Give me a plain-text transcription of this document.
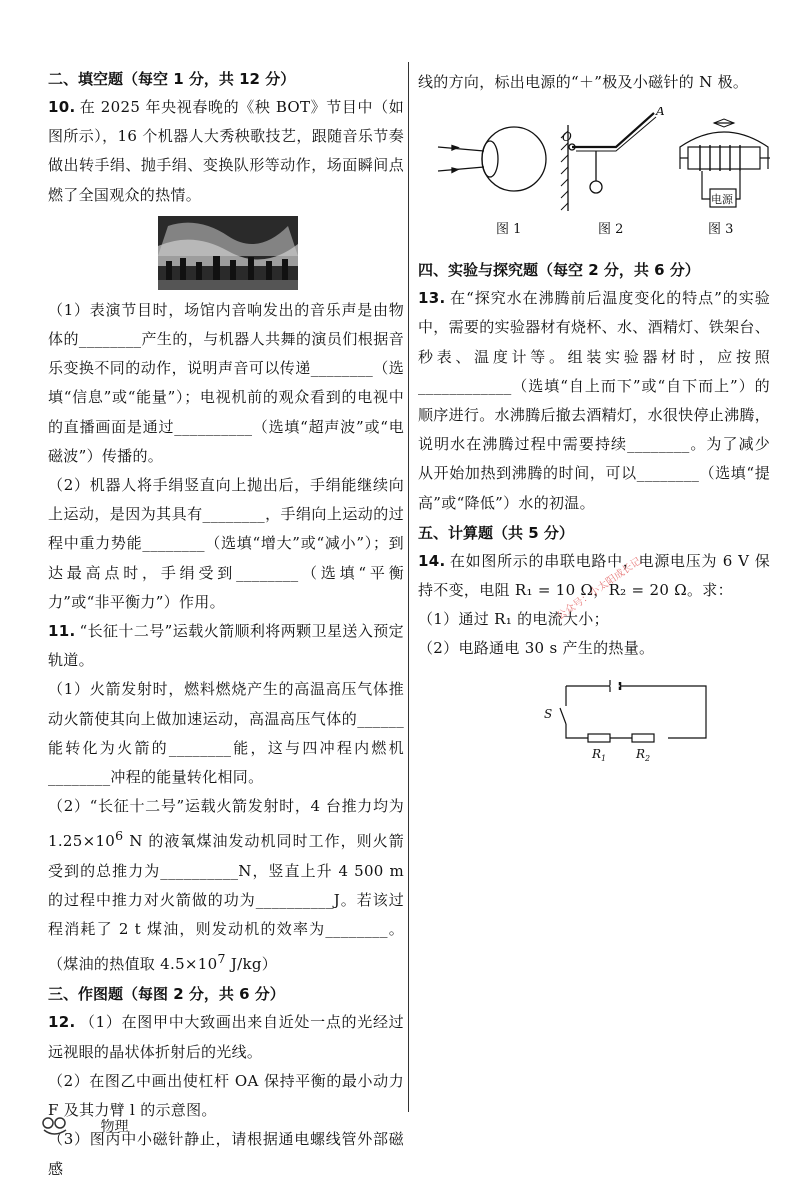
二、填空题（每空 1 分，共 12 分）

10. 在 2025 年央视春晚的《秧 BOT》节目中（如图所示），16 个机器人大秀秧歌技艺，跟随音乐节奏做出转手绢、抛手绢、变换队形等动作，场面瞬间点燃了全国观众的热情。

（1）表演节目时，场馆内音响发出的音乐声是由物体的________产生的，与机器人共舞的演员们根据音乐变换不同的动作，说明声音可以传递________（选填“信息”或“能量”）；电视机前的观众看到的电视中的直播画面是通过__________（选填“超声波”或“电磁波”）传播的。

（2）机器人将手绢竖直向上抛出后，手绢能继续向上运动，是因为其具有________，手绢向上运动的过程中重力势能________（选填“增大”或“减小”）；到达最高点时，手绢受到________（选填“平衡力”或“非平衡力”）作用。

11. “长征十二号”运载火箭顺利将两颗卫星送入预定轨道。

（1）火箭发射时，燃料燃烧产生的高温高压气体推动火箭使其向上做加速运动，高温高压气体的______能转化为火箭的________能，这与四冲程内燃机________冲程的能量转化相同。

（2）“长征十二号”运载火箭发射时，4 台推力均为 $1.25\times 10^6$ N 的液氧煤油发动机同时工作，则火箭受到的总推力为__________N，竖直上升 4 500 m 的过程中推力对火箭做的功为__________J。若该过程消耗了 2 t 煤油，则发动机的效率为________。（煤油的热值取 $4.5\times 10^7$ J/kg）

三、作图题（每图 2 分，共 6 分）

12. （1）在图甲中大致画出来自近处一点的光经过远视眼的晶状体折射后的光线。

（2）在图乙中画出使杠杆 OA 保持平衡的最小动力 F 及其力臂 l 的示意图。

（3）图丙中小磁针静止，请根据通电螺线管外部磁感

线的方向，标出电源的“＋”极及小磁针的 N 极。

O
A
电源
图 1	图 2	图 3
四、实验与探究题（每空 2 分，共 6 分）

13. 在“探究水在沸腾前后温度变化的特点”的实验中，需要的实验器材有烧杯、水、酒精灯、铁架台、秒表、温度计等。组装实验器材时，应按照____________（选填“自上而下”或“自下而上”）的顺序进行。水沸腾后撤去酒精灯，水很快停止沸腾，说明水在沸腾过程中需要持续________。为了减少从开始加热到沸腾的时间，可以________（选填“提高”或“降低”）水的初温。

五、计算题（共 5 分）

14. 在如图所示的串联电路中，电源电压为 6 V 保持不变，电阻 R₁ = 10 Ω，R₂ = 20 Ω。求：

（1）通过 R₁ 的电流大小；

（2）电路通电 30 s 产生的热量。

S
$R_1$ $R_2$
公众号：小太阳成长记
物理
